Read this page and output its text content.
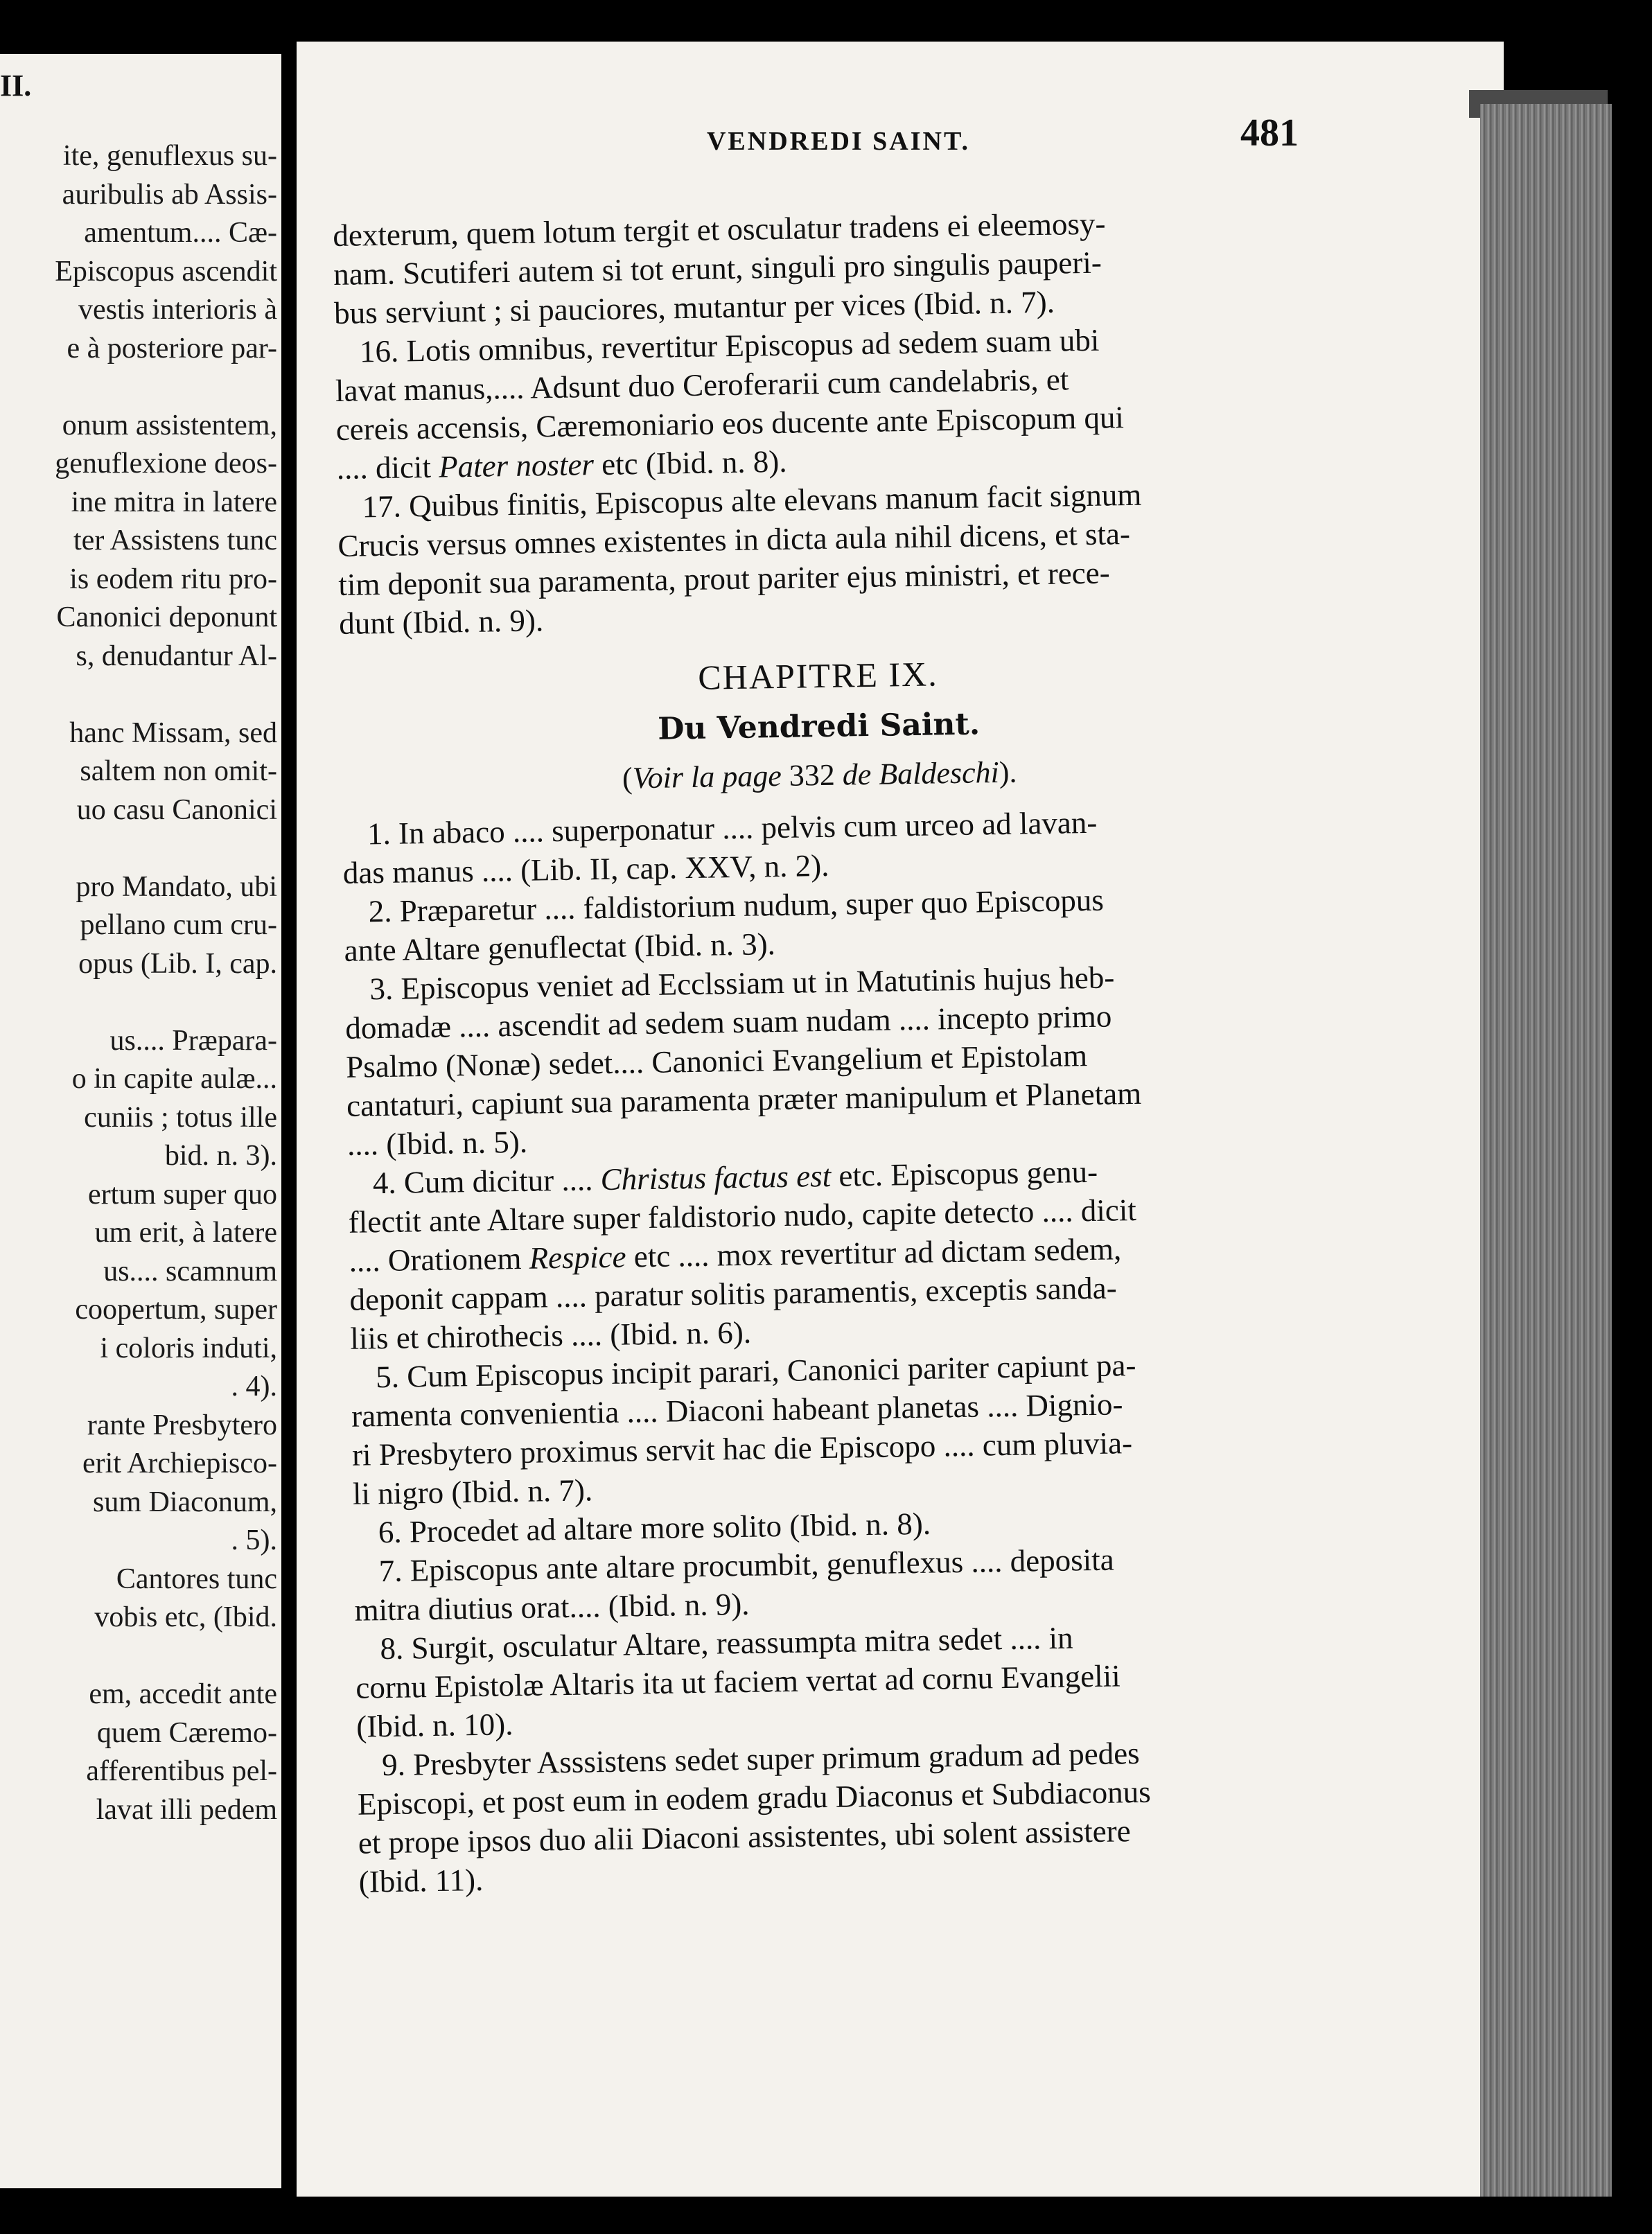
II.
ite, genuflexus su-
auribulis ab Assis-
amentum.... Cæ-
Episcopus ascendit
vestis interioris à
e à posteriore par-

onum assistentem,
genuflexione deos-
ine mitra in latere
ter Assistens tunc
is eodem ritu pro-
Canonici deponunt
s, denudantur Al-

hanc Missam, sed
saltem non omit-
uo casu Canonici

pro Mandato, ubi
pellano cum cru-
opus (Lib. I, cap.

us.... Præpara-
o in capite aulæ...
cuniis ; totus ille
bid. n. 3).
ertum super quo
um erit, à latere
us.... scamnum
coopertum, super
i coloris induti,
. 4).
rante Presbytero
erit Archiepisco-
sum Diaconum,
. 5).
Cantores tunc
vobis etc, (Ibid.

em, accedit ante
quem Cæremo-
afferentibus pel-
lavat illi pedem
VENDREDI SAINT.	481
dexterum, quem lotum tergit et osculatur tradens ei eleemosy-
nam. Scutiferi autem si tot erunt, singuli pro singulis pauperi-
bus serviunt ; si pauciores, mutantur per vices (Ibid. n. 7).
16. Lotis omnibus, revertitur Episcopus ad sedem suam ubi
lavat manus,.... Adsunt duo Ceroferarii cum candelabris, et
cereis accensis, Cæremoniario eos ducente ante Episcopum qui
.... dicit Pater noster etc (Ibid. n. 8).
17. Quibus finitis, Episcopus alte elevans manum facit signum
Crucis versus omnes existentes in dicta aula nihil dicens, et sta-
tim deponit sua paramenta, prout pariter ejus ministri, et rece-
dunt (Ibid. n. 9).
CHAPITRE IX.
Du Vendredi Saint.
(Voir la page 332 de Baldeschi).
1. In abaco .... superponatur .... pelvis cum urceo ad lavan-
das manus .... (Lib. II, cap. XXV, n. 2).
2. Præparetur .... faldistorium nudum, super quo Episcopus
ante Altare genuflectat (Ibid. n. 3).
3. Episcopus veniet ad Ecclssiam ut in Matutinis hujus heb-
domadæ .... ascendit ad sedem suam nudam .... incepto primo
Psalmo (Nonæ) sedet.... Canonici Evangelium et Epistolam
cantaturi, capiunt sua paramenta præter manipulum et Planetam
.... (Ibid. n. 5).
4. Cum dicitur .... Christus factus est etc. Episcopus genu-
flectit ante Altare super faldistorio nudo, capite detecto .... dicit
.... Orationem Respice etc .... mox revertitur ad dictam sedem,
deponit cappam .... paratur solitis paramentis, exceptis sanda-
liis et chirothecis .... (Ibid. n. 6).
5. Cum Episcopus incipit parari, Canonici pariter capiunt pa-
ramenta convenientia .... Diaconi habeant planetas .... Dignio-
ri Presbytero proximus servit hac die Episcopo .... cum pluvia-
li nigro (Ibid. n. 7).
6. Procedet ad altare more solito (Ibid. n. 8).
7. Episcopus ante altare procumbit, genuflexus .... deposita
mitra diutius orat.... (Ibid. n. 9).
8. Surgit, osculatur Altare, reassumpta mitra sedet .... in
cornu Epistolæ Altaris ita ut faciem vertat ad cornu Evangelii
(Ibid. n. 10).
9. Presbyter Asssistens sedet super primum gradum ad pedes
Episcopi, et post eum in eodem gradu Diaconus et Subdiaconus
et prope ipsos duo alii Diaconi assistentes, ubi solent assistere
(Ibid. 11).
